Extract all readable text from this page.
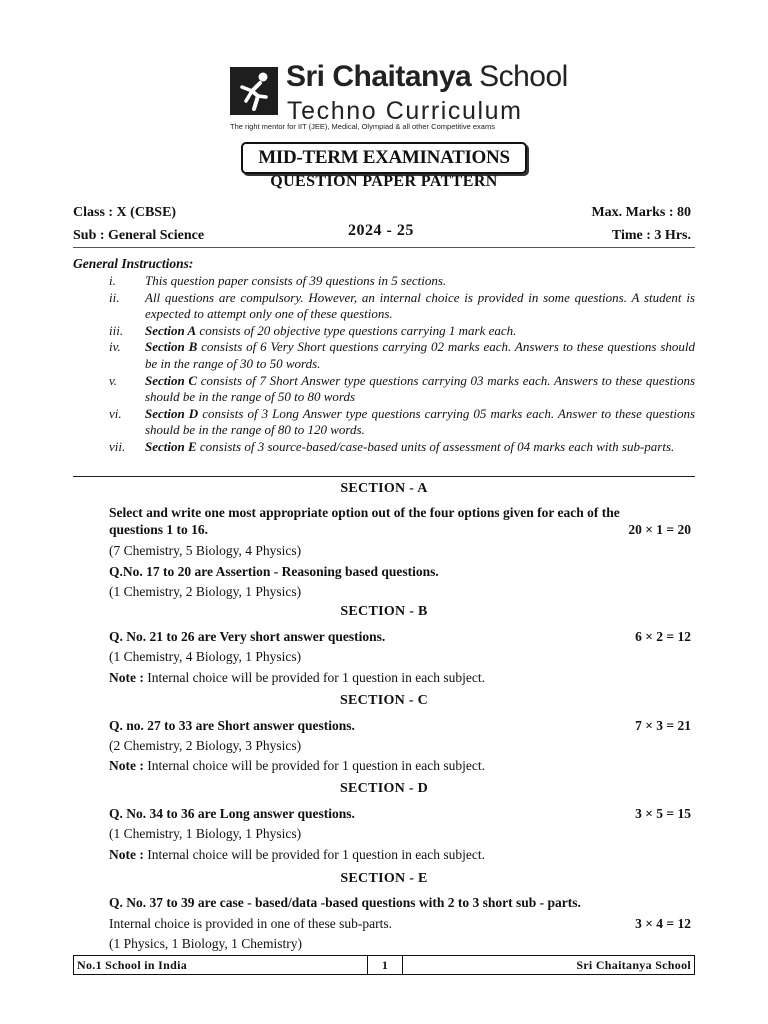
Sri Chaitanya School
Techno Curriculum
The right mentor for IIT (JEE), Medical, Olympiad & all other Competitive exams
MID-TERM EXAMINATIONS
QUESTION PAPER PATTERN
Class : X (CBSE)
Sub : General Science	2024 - 25
Max. Marks : 80
Time : 3 Hrs.
General Instructions:
i. This question paper consists of 39 questions in 5 sections.
ii. All questions are compulsory. However, an internal choice is provided in some questions. A student is expected to attempt only one of these questions.
iii. Section A consists of 20 objective type questions carrying 1 mark each.
iv. Section B consists of 6 Very Short questions carrying 02 marks each. Answers to these questions should be in the range of 30 to 50 words.
v. Section C consists of 7 Short Answer type questions carrying 03 marks each. Answers to these questions should be in the range of 50 to 80 words
vi. Section D consists of 3 Long Answer type questions carrying 05 marks each. Answer to these questions should be in the range of 80 to 120 words.
vii. Section E consists of 3 source-based/case-based units of assessment of 04 marks each with sub-parts.
SECTION - A
Select and write one most appropriate option out of the four options given for each of the
questions 1 to 16.	20 × 1 = 20
(7 Chemistry, 5 Biology, 4 Physics)
Q.No. 17 to 20 are Assertion - Reasoning based questions.
(1 Chemistry, 2 Biology, 1 Physics)
SECTION - B
Q. No. 21 to 26 are Very short answer questions.	6 × 2 = 12
(1 Chemistry, 4 Biology, 1 Physics)
Note : Internal choice will be provided for 1 question in each subject.
SECTION - C
Q. no. 27 to 33 are Short answer questions.	7 × 3 = 21
(2 Chemistry, 2 Biology, 3 Physics)
Note : Internal choice will be provided for 1 question in each subject.
SECTION - D
Q. No. 34 to 36 are Long answer questions.	3 × 5 = 15
(1 Chemistry, 1 Biology, 1 Physics)
Note : Internal choice will be provided for 1 question in each subject.
SECTION - E
Q. No. 37 to 39 are case - based/data -based questions with 2 to 3 short sub - parts.
Internal choice is provided in one of these sub-parts.	3 × 4 = 12
(1 Physics, 1 Biology, 1 Chemistry)
No.1 School in India	1	Sri Chaitanya School
